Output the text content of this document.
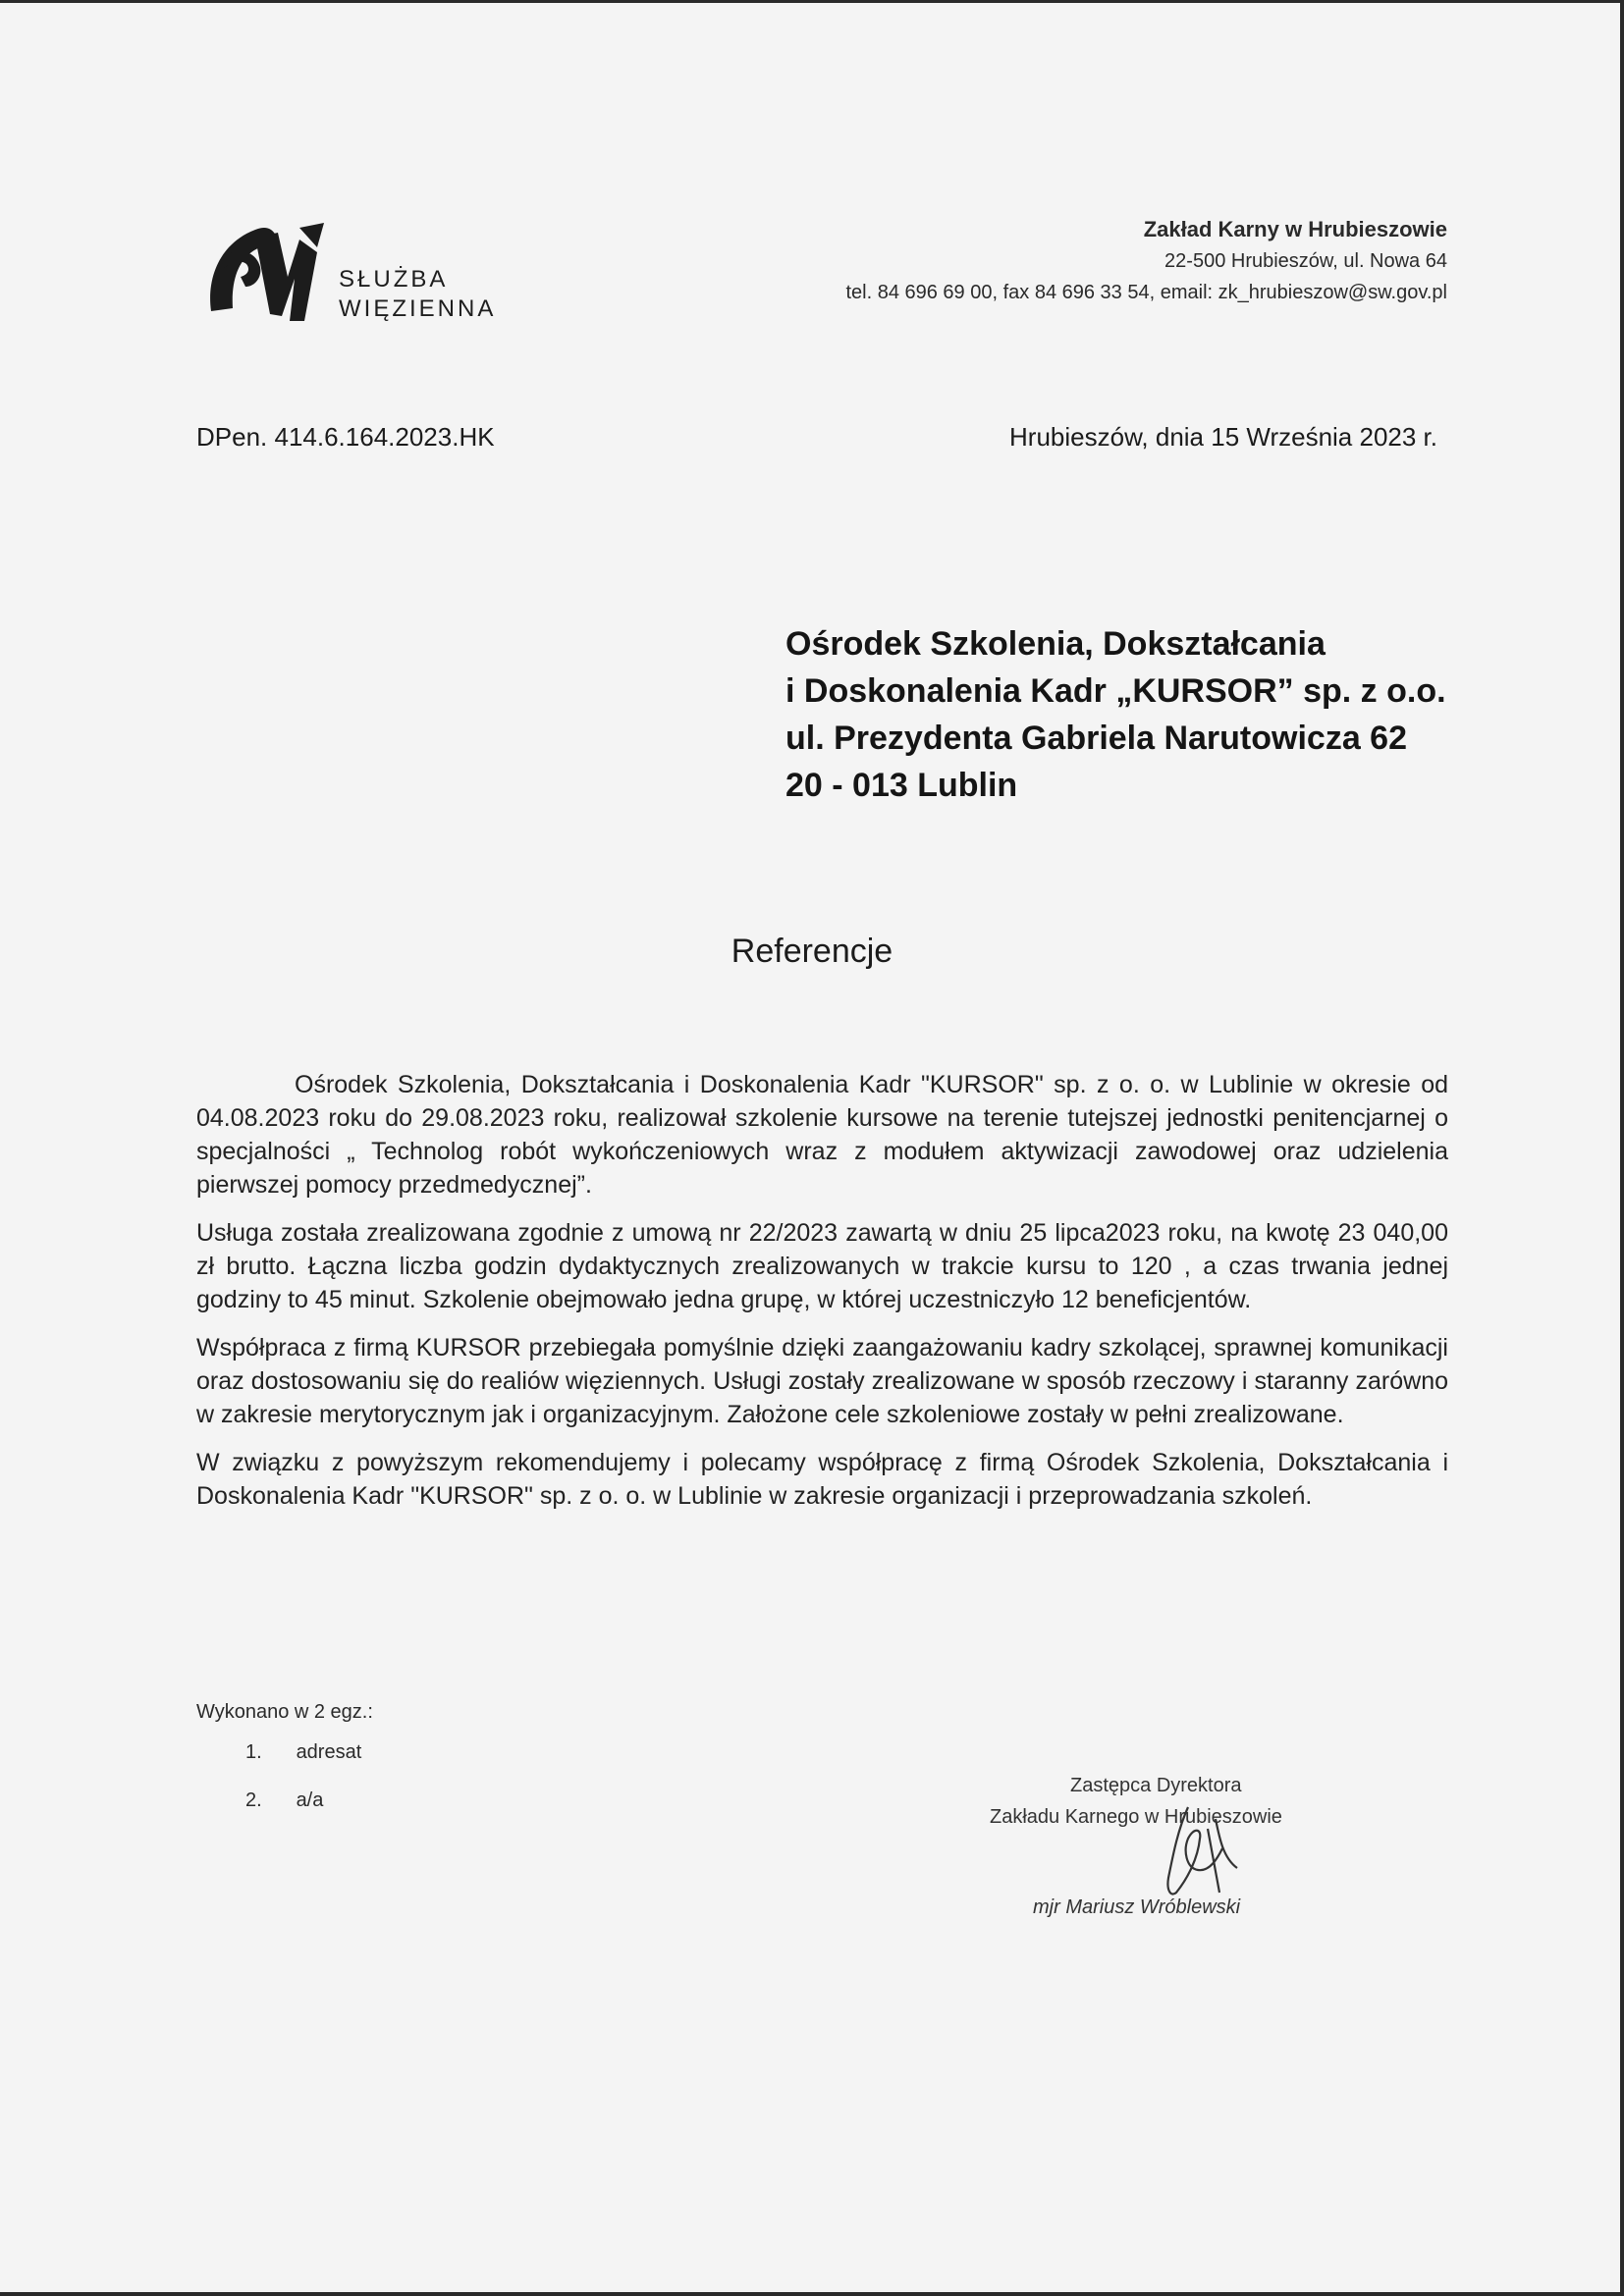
SŁUŻBA
WIĘZIENNA
Zakład Karny w Hrubieszowie
22-500 Hrubieszów, ul. Nowa 64
tel. 84 696 69 00, fax 84 696 33 54, email: zk_hrubieszow@sw.gov.pl
DPen. 414.6.164.2023.HK	Hrubieszów, dnia 15 Września 2023 r.
Ośrodek Szkolenia, Dokształcania
i Doskonalenia Kadr „KURSOR” sp. z o.o.
ul. Prezydenta Gabriela Narutowicza 62
20 - 013 Lublin
Referencje

Ośrodek Szkolenia, Dokształcania i Doskonalenia Kadr "KURSOR" sp. z o. o. w Lublinie w okresie od 04.08.2023 roku do 29.08.2023 roku, realizował szkolenie kursowe na terenie tutejszej jednostki penitencjarnej o specjalności „ Technolog robót wykończeniowych wraz z modułem aktywizacji zawodowej oraz udzielenia pierwszej pomocy przedmedycznej”.

Usługa została zrealizowana zgodnie z umową nr 22/2023 zawartą w dniu 25 lipca2023 roku, na kwotę 23 040,00 zł brutto. Łączna liczba godzin dydaktycznych zrealizowanych w trakcie kursu to 120 , a czas trwania jednej godziny to 45 minut. Szkolenie obejmowało jedna grupę, w której uczestniczyło 12 beneficjentów.

Współpraca z firmą KURSOR przebiegała pomyślnie dzięki zaangażowaniu kadry szkolącej, sprawnej komunikacji oraz dostosowaniu się do realiów więziennych. Usługi zostały zrealizowane w sposób rzeczowy i staranny zarówno w zakresie merytorycznym jak i organizacyjnym. Założone cele szkoleniowe zostały w pełni zrealizowane.

W związku z powyższym rekomendujemy i polecamy współpracę z firmą Ośrodek Szkolenia, Dokształcania i Doskonalenia Kadr "KURSOR" sp. z o. o. w Lublinie w zakresie organizacji i przeprowadzania szkoleń.

Zastępca Dyrektora
Zakładu Karnego w Hrubieszowie
mjr Mariusz Wróblewski
Wykonano w 2 egz.:
1. adresat
2. a/a
